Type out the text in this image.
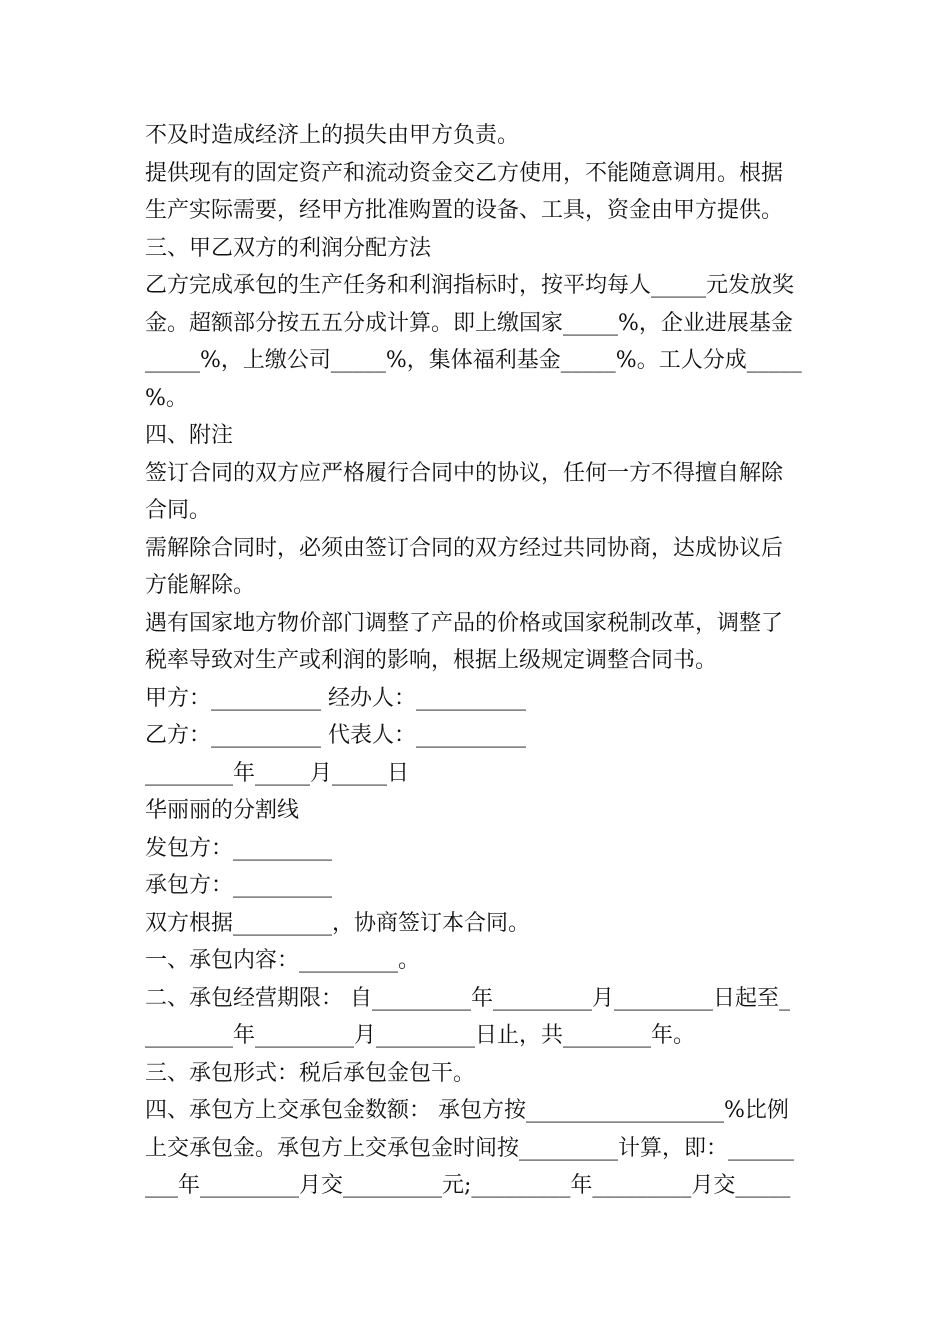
不及时造成经济上的损失由甲方负责。
提供现有的固定资产和流动资金交乙方使用，不能随意调用。根据
生产实际需要，经甲方批准购置的设备、工具，资金由甲方提供。
三、甲乙双方的利润分配方法
乙方完成承包的生产任务和利润指标时，按平均每人_____元发放奖
金。超额部分按五五分成计算。即上缴国家_____%，企业进展基金
_____%，上缴公司_____%，集体福利基金_____%。工人分成_____
%。
四、附注
签订合同的双方应严格履行合同中的协议，任何一方不得擅自解除
合同。
需解除合同时，必须由签订合同的双方经过共同协商，达成协议后
方能解除。
遇有国家地方物价部门调整了产品的价格或国家税制改革，调整了
税率导致对生产或利润的影响，根据上级规定调整合同书。
甲方：__________ 经办人：__________
乙方：__________ 代表人：__________
________年_____月_____日
华丽丽的分割线
发包方：_________
承包方：_________
双方根据_________，协商签订本合同。
一、承包内容：_________。
二、承包经营期限： 自_________年_________月_________日起至_
________年_________月_________日止，共________年。
三、承包形式：税后承包金包干。
四、承包方上交承包金数额： 承包方按__________________%比例
上交承包金。承包方上交承包金时间按_________计算，即：______
___年_________月交_________元;_________年_________月交_____
